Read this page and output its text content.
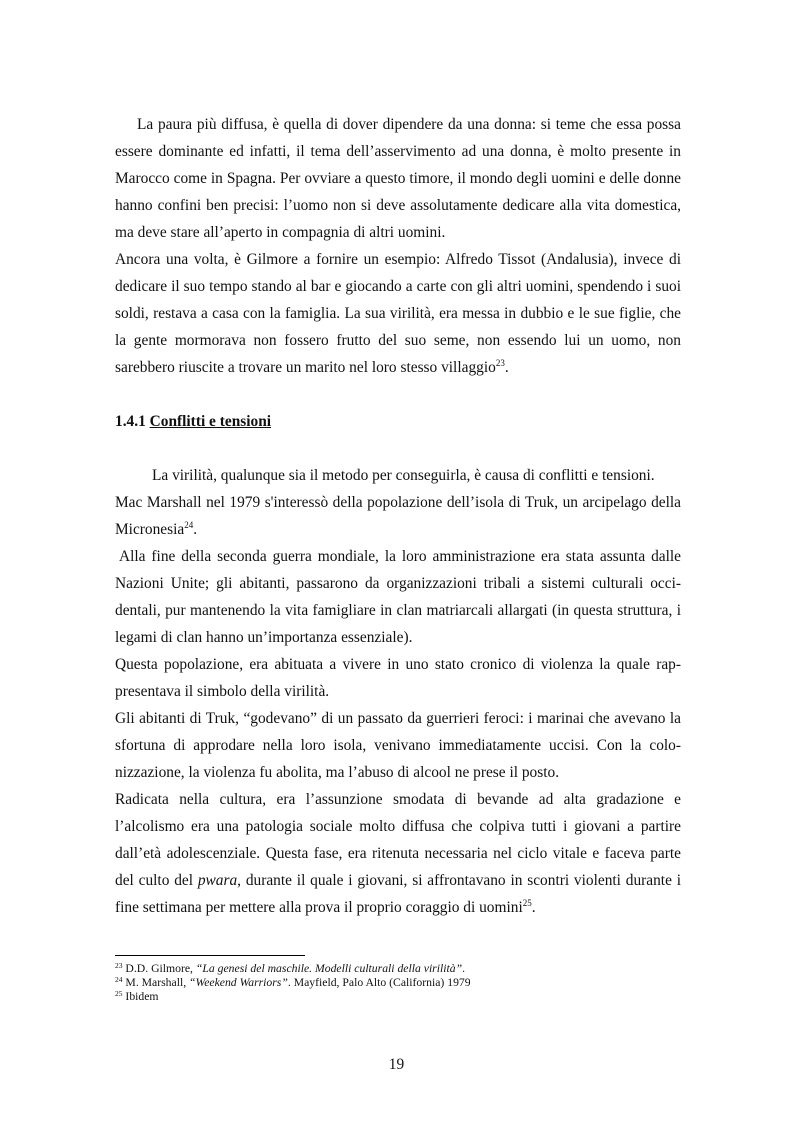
La paura più diffusa, è quella di dover dipendere da una donna: si teme che essa possa essere dominante ed infatti, il tema dell’asservimento ad una donna, è molto presente in Marocco come in Spagna. Per ovviare a questo timore, il mondo degli uomini e delle donne hanno confini ben precisi: l’uomo non si deve assolutamente dedicare alla vita domestica, ma deve stare all’aperto in compagnia di altri uomini.

Ancora una volta, è Gilmore a fornire un esempio: Alfredo Tissot (Andalusia), invece di dedicare il suo tempo stando al bar e giocando a carte con gli altri uomini, spendendo i suoi soldi, restava a casa con la famiglia. La sua virilità, era messa in dubbio e le sue figlie, che la gente mormorava non fossero frutto del suo seme, non essendo lui un uomo, non sarebbero riuscite a trovare un marito nel loro stesso villaggio$^{23}$.

1.4.1 Conflitti e tensioni

La virilità, qualunque sia il metodo per conseguirla, è causa di conflitti e tensioni.

Mac Marshall nel 1979 s'interessò della popolazione dell’isola di Truk, un arcipelago della Micronesia$^{24}$.

Alla fine della seconda guerra mondiale, la loro amministrazione era stata assunta dalle Nazioni Unite; gli abitanti, passarono da organizzazioni tribali a sistemi culturali occidentali, pur mantenendo la vita famigliare in clan matriarcali allargati (in questa struttura, i legami di clan hanno un’importanza essenziale).

Questa popolazione, era abituata a vivere in uno stato cronico di violenza la quale rappresentava il simbolo della virilità.

Gli abitanti di Truk, “godevano” di un passato da guerrieri feroci: i marinai che avevano la sfortuna di approdare nella loro isola, venivano immediatamente uccisi. Con la colonizzazione, la violenza fu abolita, ma l’abuso di alcool ne prese il posto.

Radicata nella cultura, era l’assunzione smodata di bevande ad alta gradazione e l’alcolismo era una patologia sociale molto diffusa che colpiva tutti i giovani a partire dall’età adolescenziale. Questa fase, era ritenuta necessaria nel ciclo vitale e faceva parte del culto del pwara, durante il quale i giovani, si affrontavano in scontri violenti durante i fine settimana per mettere alla prova il proprio coraggio di uomini$^{25}$.

$^{23}$ D.D. Gilmore, “La genesi del maschile. Modelli culturali della virilità”.

$^{24}$ M. Marshall, “Weekend Warriors”. Mayfield, Palo Alto (California) 1979

$^{25}$ Ibidem

19
